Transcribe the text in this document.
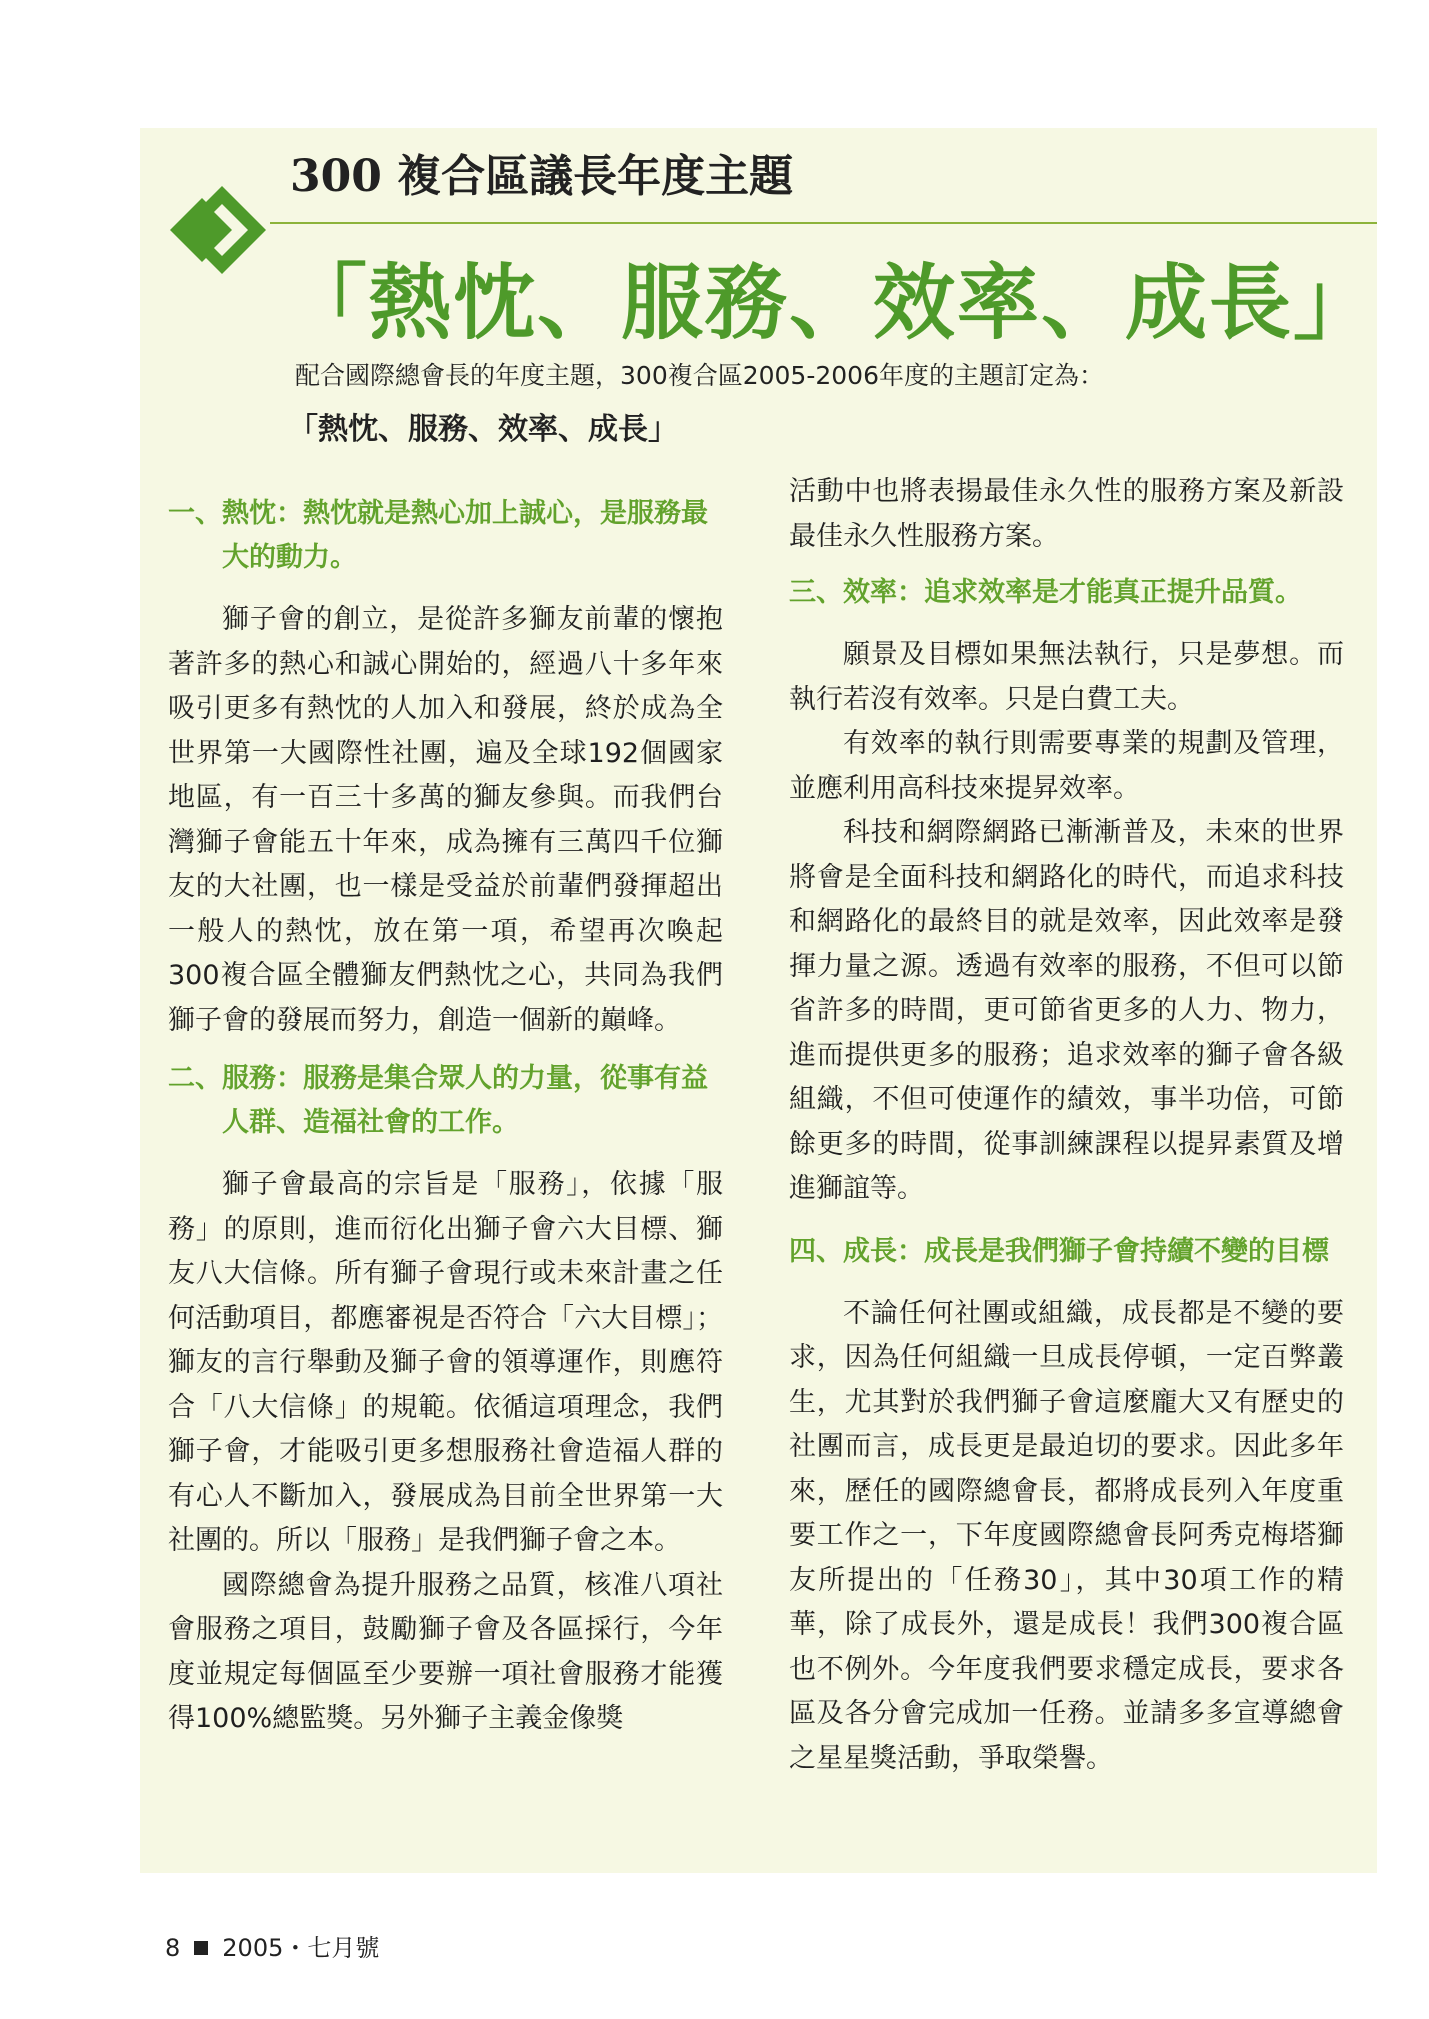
300 複合區議長年度主題
「熱忱、服務、效率、成長」
配合國際總會長的年度主題，300複合區2005-2006年度的主題訂定為：
「熱忱、服務、效率、成長」
一、熱忱：熱忱就是熱心加上誠心，是服務最大的動力。

獅子會的創立，是從許多獅友前輩的懷抱著許多的熱心和誠心開始的，經過八十多年來吸引更多有熱忱的人加入和發展，終於成為全世界第一大國際性社團，遍及全球192個國家地區，有一百三十多萬的獅友參與。而我們台灣獅子會能五十年來，成為擁有三萬四千位獅友的大社團，也一樣是受益於前輩們發揮超出一般人的熱忱，放在第一項，希望再次喚起300複合區全體獅友們熱忱之心，共同為我們獅子會的發展而努力，創造一個新的巔峰。

二、服務：服務是集合眾人的力量，從事有益人群、造福社會的工作。

獅子會最高的宗旨是「服務」，依據「服務」的原則，進而衍化出獅子會六大目標、獅友八大信條。所有獅子會現行或未來計畫之任何活動項目，都應審視是否符合「六大目標」；獅友的言行舉動及獅子會的領導運作，則應符合「八大信條」的規範。依循這項理念，我們獅子會，才能吸引更多想服務社會造福人群的有心人不斷加入，發展成為目前全世界第一大社團的。所以「服務」是我們獅子會之本。

國際總會為提升服務之品質，核准八項社會服務之項目，鼓勵獅子會及各區採行，今年度並規定每個區至少要辦一項社會服務才能獲得100%總監獎。另外獅子主義金像獎

活動中也將表揚最佳永久性的服務方案及新設最佳永久性服務方案。

三、效率：追求效率是才能真正提升品質。

願景及目標如果無法執行，只是夢想。而執行若沒有效率。只是白費工夫。

有效率的執行則需要專業的規劃及管理，並應利用高科技來提昇效率。

科技和網際網路已漸漸普及，未來的世界將會是全面科技和網路化的時代，而追求科技和網路化的最終目的就是效率，因此效率是發揮力量之源。透過有效率的服務，不但可以節省許多的時間，更可節省更多的人力、物力，進而提供更多的服務；追求效率的獅子會各級組織，不但可使運作的績效，事半功倍，可節餘更多的時間，從事訓練課程以提昇素質及增進獅誼等。

四、成長：成長是我們獅子會持續不變的目標

不論任何社團或組織，成長都是不變的要求，因為任何組織一旦成長停頓，一定百弊叢生，尤其對於我們獅子會這麼龐大又有歷史的社團而言，成長更是最迫切的要求。因此多年來，歷任的國際總會長，都將成長列入年度重要工作之一，下年度國際總會長阿秀克梅塔獅友所提出的「任務30」，其中30項工作的精華，除了成長外，還是成長！我們300複合區也不例外。今年度我們要求穩定成長，要求各區及各分會完成加一任務。並請多多宣導總會之星星獎活動，爭取榮譽。

8 2005・七月號
